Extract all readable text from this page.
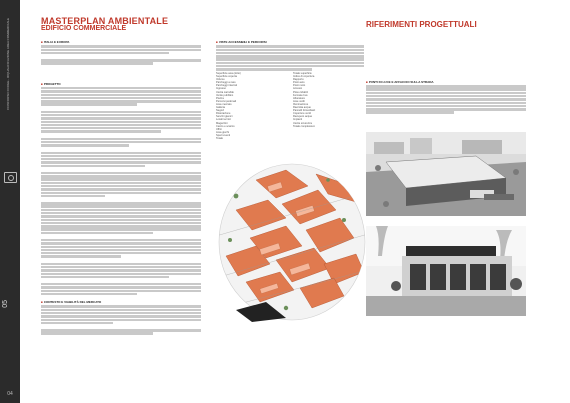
CONCORSO DI IDEE - RIQUALIFICAZIONE AREA COMMERCIALE
05
04
MASTERPLAN AMBIENTALE
EDIFICIO COMMERCIALE	RIFERIMENTI PROGETTUALI
■ITALIA E EUROPA
■PROGETTO
■CONTESTO E VIABILITÀ DEL MERCATO
■VISTE ACCESSIBILI E PERCORSI
Superficie area (lotto)
Superficie coperta
Volume
Parcheggi a raso
Parcheggi interrati
Ingresso
Uscita carrabile
Verde pubblico
Piazza
Percorsi pedonali
Area mercato
Galleria
Negozi
Ristorazione
Servizi igienici
Locali tecnici
Magazzini
Carico e scarico
Uffici
Area giochi
Spazi eventi
Totale
Totale superficie
Indice di copertura
Rapporto
Posti auto
Posti moto
Accessi
Piste ciclabili
Fermate bus
Alberature
Aree verdi
Illuminazione
Raccolta acque
Pannelli fotovoltaici
Coperture verdi
Recupero acque
Impianti
Uscite sicurezza
Totale complessivo
■PUNTI DI LUCE E AFFACCIO SULLA STRADA
